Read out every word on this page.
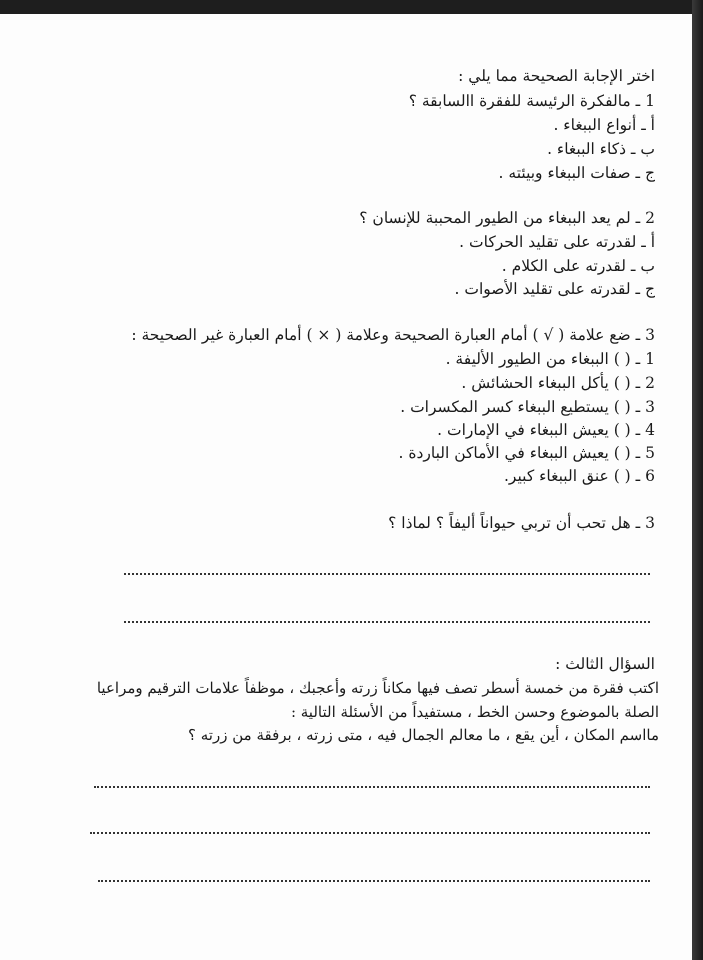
اختر الإجابة الصحيحة مما يلي :
1 ـ مالفكرة الرئيسة للفقرة االسابقة ؟
أ ـ أنواع الببغاء .
ب ـ ذكاء الببغاء .
ج ـ صفات الببغاء وبيئته .
2 ـ لم يعد الببغاء من الطيور المحببة للإنسان ؟
أ ـ لقدرته على تقليد الحركات .
ب ـ لقدرته على الكلام .
ج ـ لقدرته على تقليد الأصوات .
3 ـ ضع علامة ( √ ) أمام العبارة الصحيحة وعلامة ( × ) أمام العبارة غير الصحيحة :
1 ـ ( ) الببغاء من الطيور الأليفة .
2 ـ ( ) يأكل الببغاء الحشائش .
3 ـ ( ) يستطيع الببغاء كسر المكسرات .
4 ـ ( ) يعيش الببغاء في الإمارات .
5 ـ ( ) يعيش الببغاء في الأماكن الباردة .
6 ـ ( ) عنق الببغاء كبير.
3 ـ هل تحب أن تربي حيواناً أليفاً ؟ لماذا ؟
السؤال الثالث :
اكتب فقرة من خمسة أسطر تصف فيها مكاناً زرته وأعجبك ، موظفاً علامات الترقيم ومراعيا
الصلة بالموضوع وحسن الخط ، مستفيداً من الأسئلة التالية :
مااسم المكان ، أين يقع ، ما معالم الجمال فيه ، متى زرته ، برفقة من زرته ؟
